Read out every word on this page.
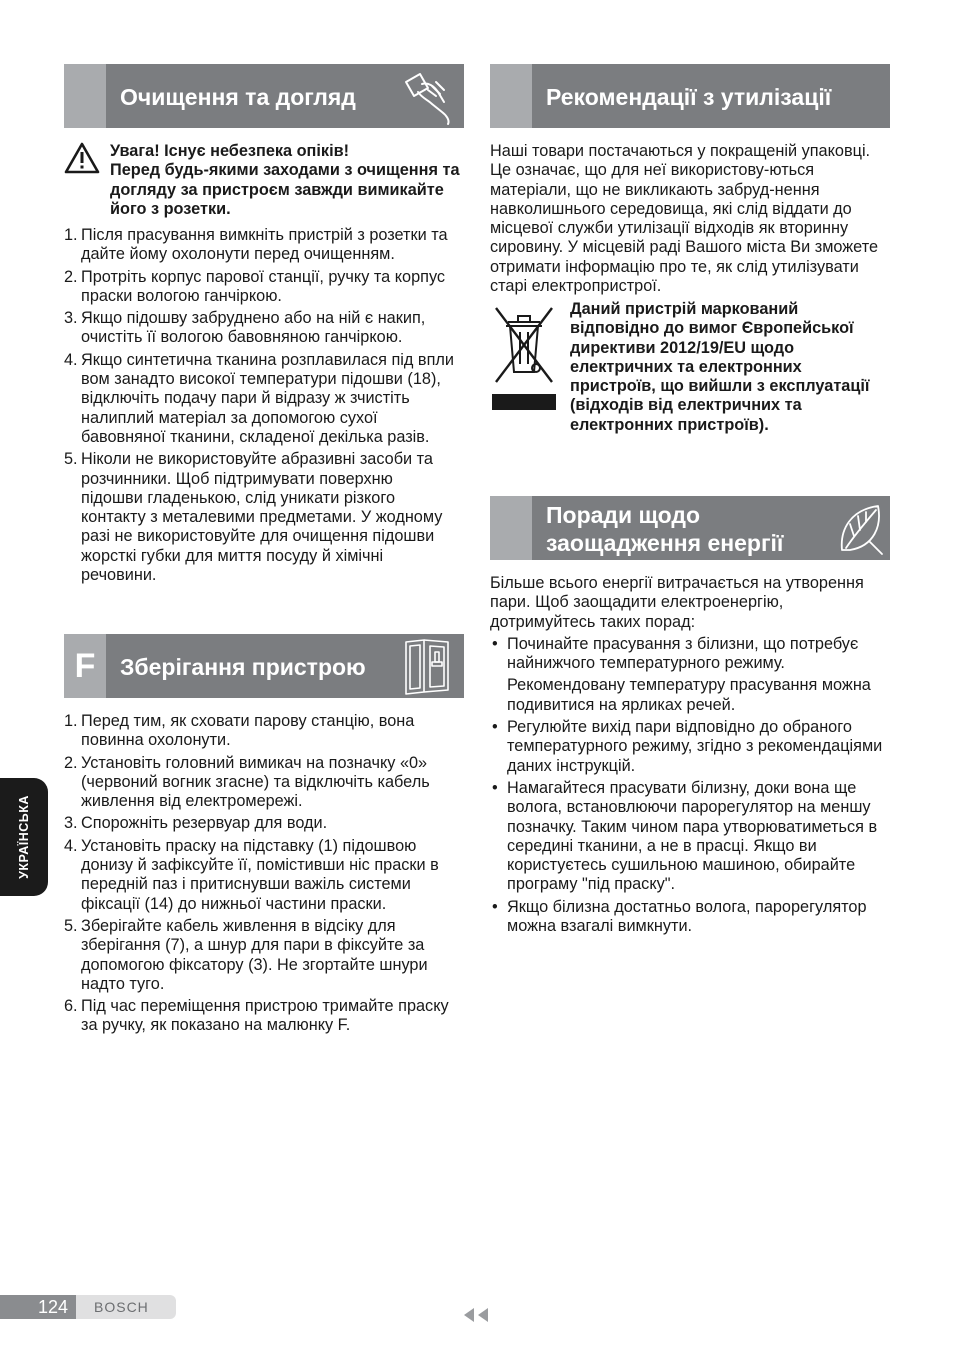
Очищення та догляд
Увага! Існує небезпека опіків!
Перед будь-якими заходами з очищення та догляду за пристроєм завжди вимикайте його з розетки.
1. Після прасування вимкніть пристрій з розетки та дайте йому охолонути перед очищенням.
2. Протріть корпус парової станції, ручку та корпус праски вологою ганчіркою.
3. Якщо підошву забруднено або на ній є накип, очистіть її вологою бавовняною ганчіркою.
4. Якщо синтетична тканина розплавилася під впли вом занадто високої температури підошви (18), відключіть подачу пари й відразу ж зчистіть налиплий матеріал за допомогою сухої бавовняної тканини, складеної декілька разів.
5. Ніколи не використовуйте абразивні засоби та розчинники. Щоб підтримувати поверхню підошви гладенькою, слід уникати різкого контакту з металевими предметами. У жодному разі не використовуйте для очищення підошви жорсткі губки для миття посуду й хімічні речовини.
F	Зберігання пристрою
1. Перед тим, як сховати парову станцію, вона повинна охолонути.
2. Установіть головний вимикач на позначку «0» (червоний вогник згасне) та відключіть кабель живлення від електромережі.
3. Спорожніть резервуар для води.
4. Установіть праску на підставку (1) підошвою донизу й зафіксуйте її, помістивши ніс праски в передній паз і притиснувши важіль системи фіксації (14) до нижньої частини праски.
5. Зберігайте кабель живлення в відсіку для зберігання (7), а шнур для пари в фіксуйте за допомогою фіксатору (3). Не згортайте шнури надто туго.
6. Під час переміщення пристрою тримайте праску за ручку, як показано на малюнку F.
Рекомендації з утилізації
Наші товари постачаються у покращеній упаковці. Це означає, що для неї використову-ються матеріали, що не викликають забруд-нення навколишнього середовища, які слід віддати до місцевої служби утилізації відходів як вторинну сировину. У місцевій раді Вашого міста Ви зможете отримати інформацію про те, як слід утилізувати старі електропристрої.
Даний пристрій маркований відповідно до вимог Європейської директиви 2012/19/EU щодо електричних та електронних пристроїв, що вийшли з експлуатації (відходів від електричних та електронних пристроїв).
Поради щодо
заощадження енергії
Більше всього енергії витрачається на утворення пари. Щоб заощадити електроенергію, дотримуйтесь таких порад:
• Починайте прасування з білизни, що потребує найнижчого температурного режиму.
Рекомендовану температуру прасування можна подивитися на ярликах речей.
• Регулюйте вихід пари відповідно до обраного температурного режиму, згідно з рекомендаціями даних інструкцій.
• Намагайтеся прасувати білизну, доки вона ще волога, встановлюючи парорегулятор на меншу позначку. Таким чином пара утворюватиметься в середині тканини, а не в прасці. Якщо ви користуєтесь сушильною машиною, обирайте програму "під праску".
• Якщо білизна достатньо волога, парорегулятор можна взагалі вимкнути.
УКРАЇНСЬКА
124	BOSCH
